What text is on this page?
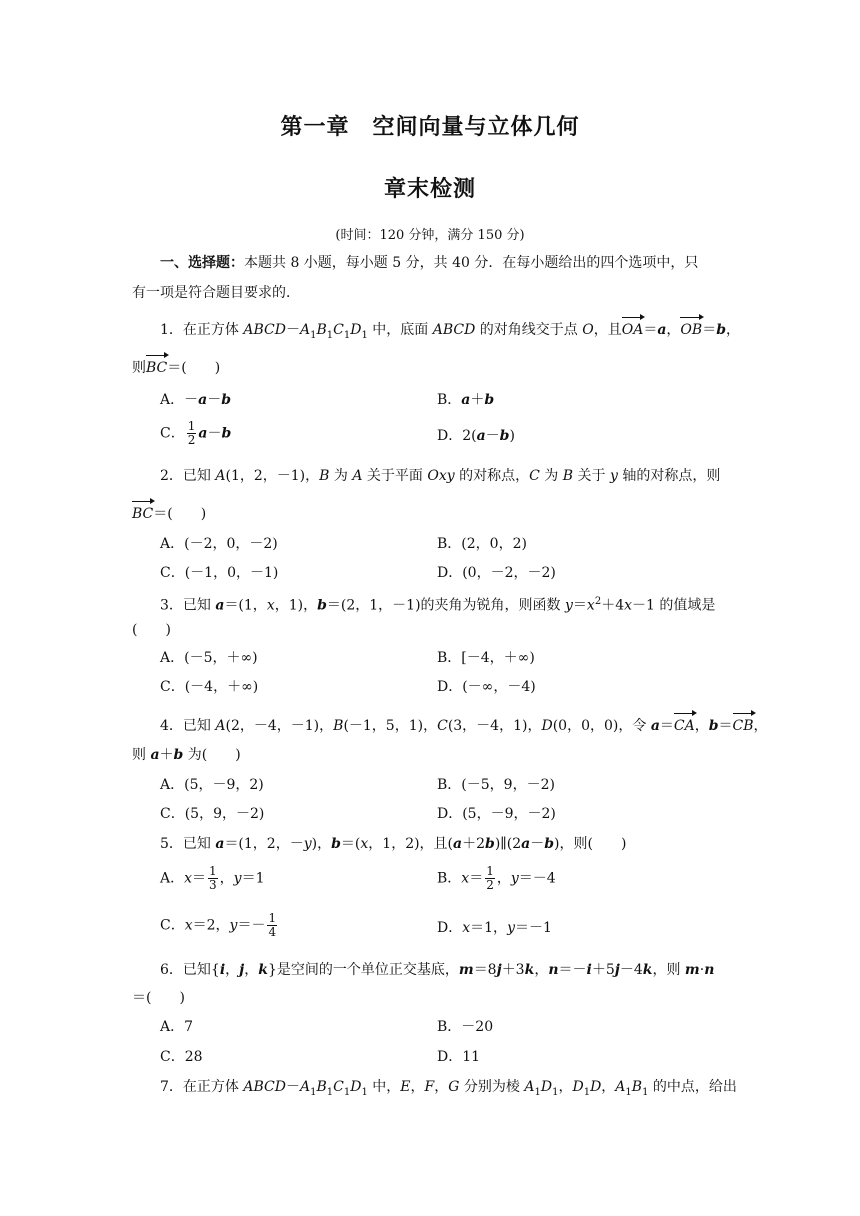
第一章　空间向量与立体几何
章末检测
(时间：120 分钟，满分 150 分)
一、选择题：本题共 8 小题，每小题 5 分，共 40 分．在每小题给出的四个选项中，只
有一项是符合题目要求的．
1．在正方体 $ABCD-A_1B_1C_1D_1$ 中，底面 ABCD 的对角线交于点 O，且OA＝a，OB＝b，
则BC＝(　　)
A．－a－b	B．a＋b
C． $\frac{1}{2} a-b$	D．2(a－b)
2．已知 A(1，2，－1)，B 为 A 关于平面 Oxy 的对称点，C 为 B 关于 y 轴的对称点，则
BC＝(　　)
A．(－2，0，－2)	B．(2，0，2)
C．(－1，0，－1)	D．(0，－2，－2)
3．已知 a＝(1，x，1)，b＝(2，1，－1)的夹角为锐角，则函数 $y=x^2+4x-1$ 的值域是
(　　)
A．(－5，＋∞)	B．[－4，＋∞)
C．(－4，＋∞)	D．(－∞，－4)
4．已知 A(2，－4，－1)，B(－1，5，1)，C(3，－4，1)，D(0，0，0)，令 a＝CA，b＝CB，
则 a＋b 为(　　)
A．(5，－9，2)	B．(－5，9，－2)
C．(5，9，－2)	D．(5，－9，－2)
5．已知 a＝(1，2，－y)，b＝(x，1，2)，且(a＋2b)∥(2a－b)，则(　　)
A．$x= \frac{1}{3}$ ，y＝1	B．$x= \frac{1}{2}$ ，y＝－4
C．x＝2，$y=- \frac{1}{4}$	D．x＝1，y＝－1
6．已知{i，j，k}是空间的一个单位正交基底，m＝8j＋3k，n＝－i＋5j－4k，则 m·n
＝(　　)
A．7	B．－20
C．28	D．11
7．在正方体 $ABCD-A_1B_1C_1D_1$ 中，E，F，G 分别为棱 $A_1D_1$，$D_1D$，$A_1B_1$ 的中点，给出
